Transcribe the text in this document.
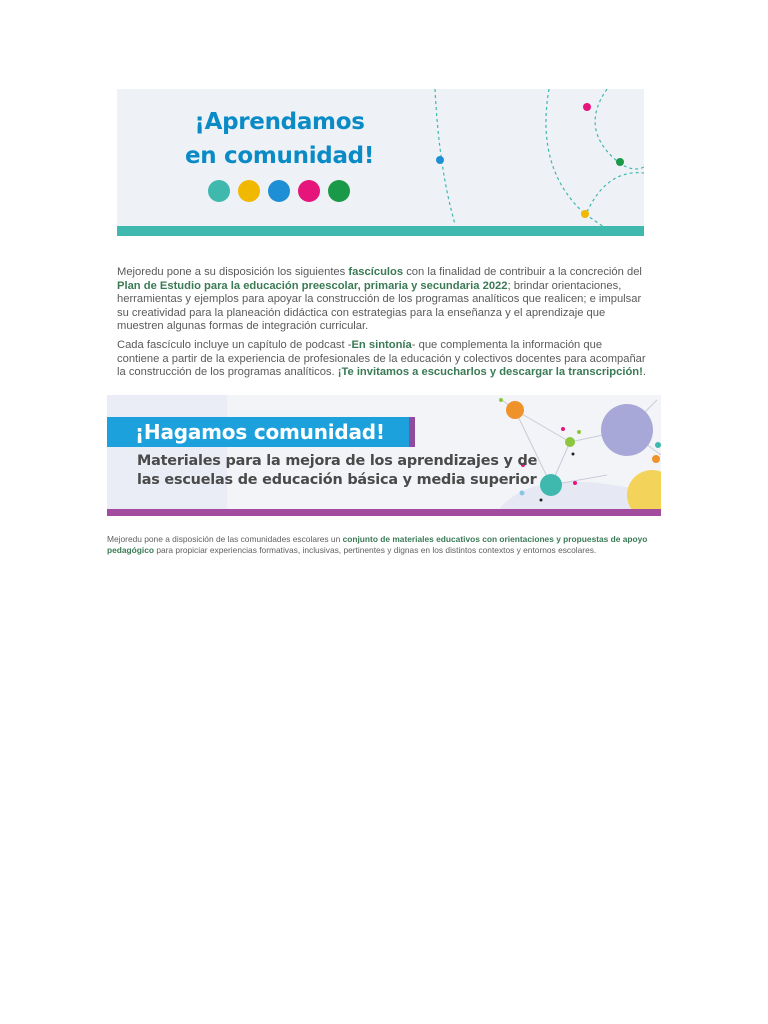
¡Aprendamos
en comunidad!

Mejoredu pone a su disposición los siguientes fascículos con la finalidad de contribuir a la concreción del Plan de Estudio para la educación preescolar, primaria y secundaria 2022; brindar orientaciones, herramientas y ejemplos para apoyar la construcción de los programas analíticos que realicen; e impulsar su creatividad para la planeación didáctica con estrategias para la enseñanza y el aprendizaje que muestren algunas formas de integración curricular.

Cada fascículo incluye un capítulo de podcast -En sintonía- que complementa la información que contiene a partir de la experiencia de profesionales de la educación y colectivos docentes para acompañar la construcción de los programas analíticos. ¡Te invitamos a escucharlos y descargar la transcripción!.

¡Hagamos comunidad!
Materiales para la mejora de los aprendizajes y de
las escuelas de educación básica y media superior

Mejoredu pone a disposición de las comunidades escolares un conjunto de materiales educativos con orientaciones y propuestas de apoyo pedagógico para propiciar experiencias formativas, inclusivas, pertinentes y dignas en los distintos contextos y entornos escolares.
